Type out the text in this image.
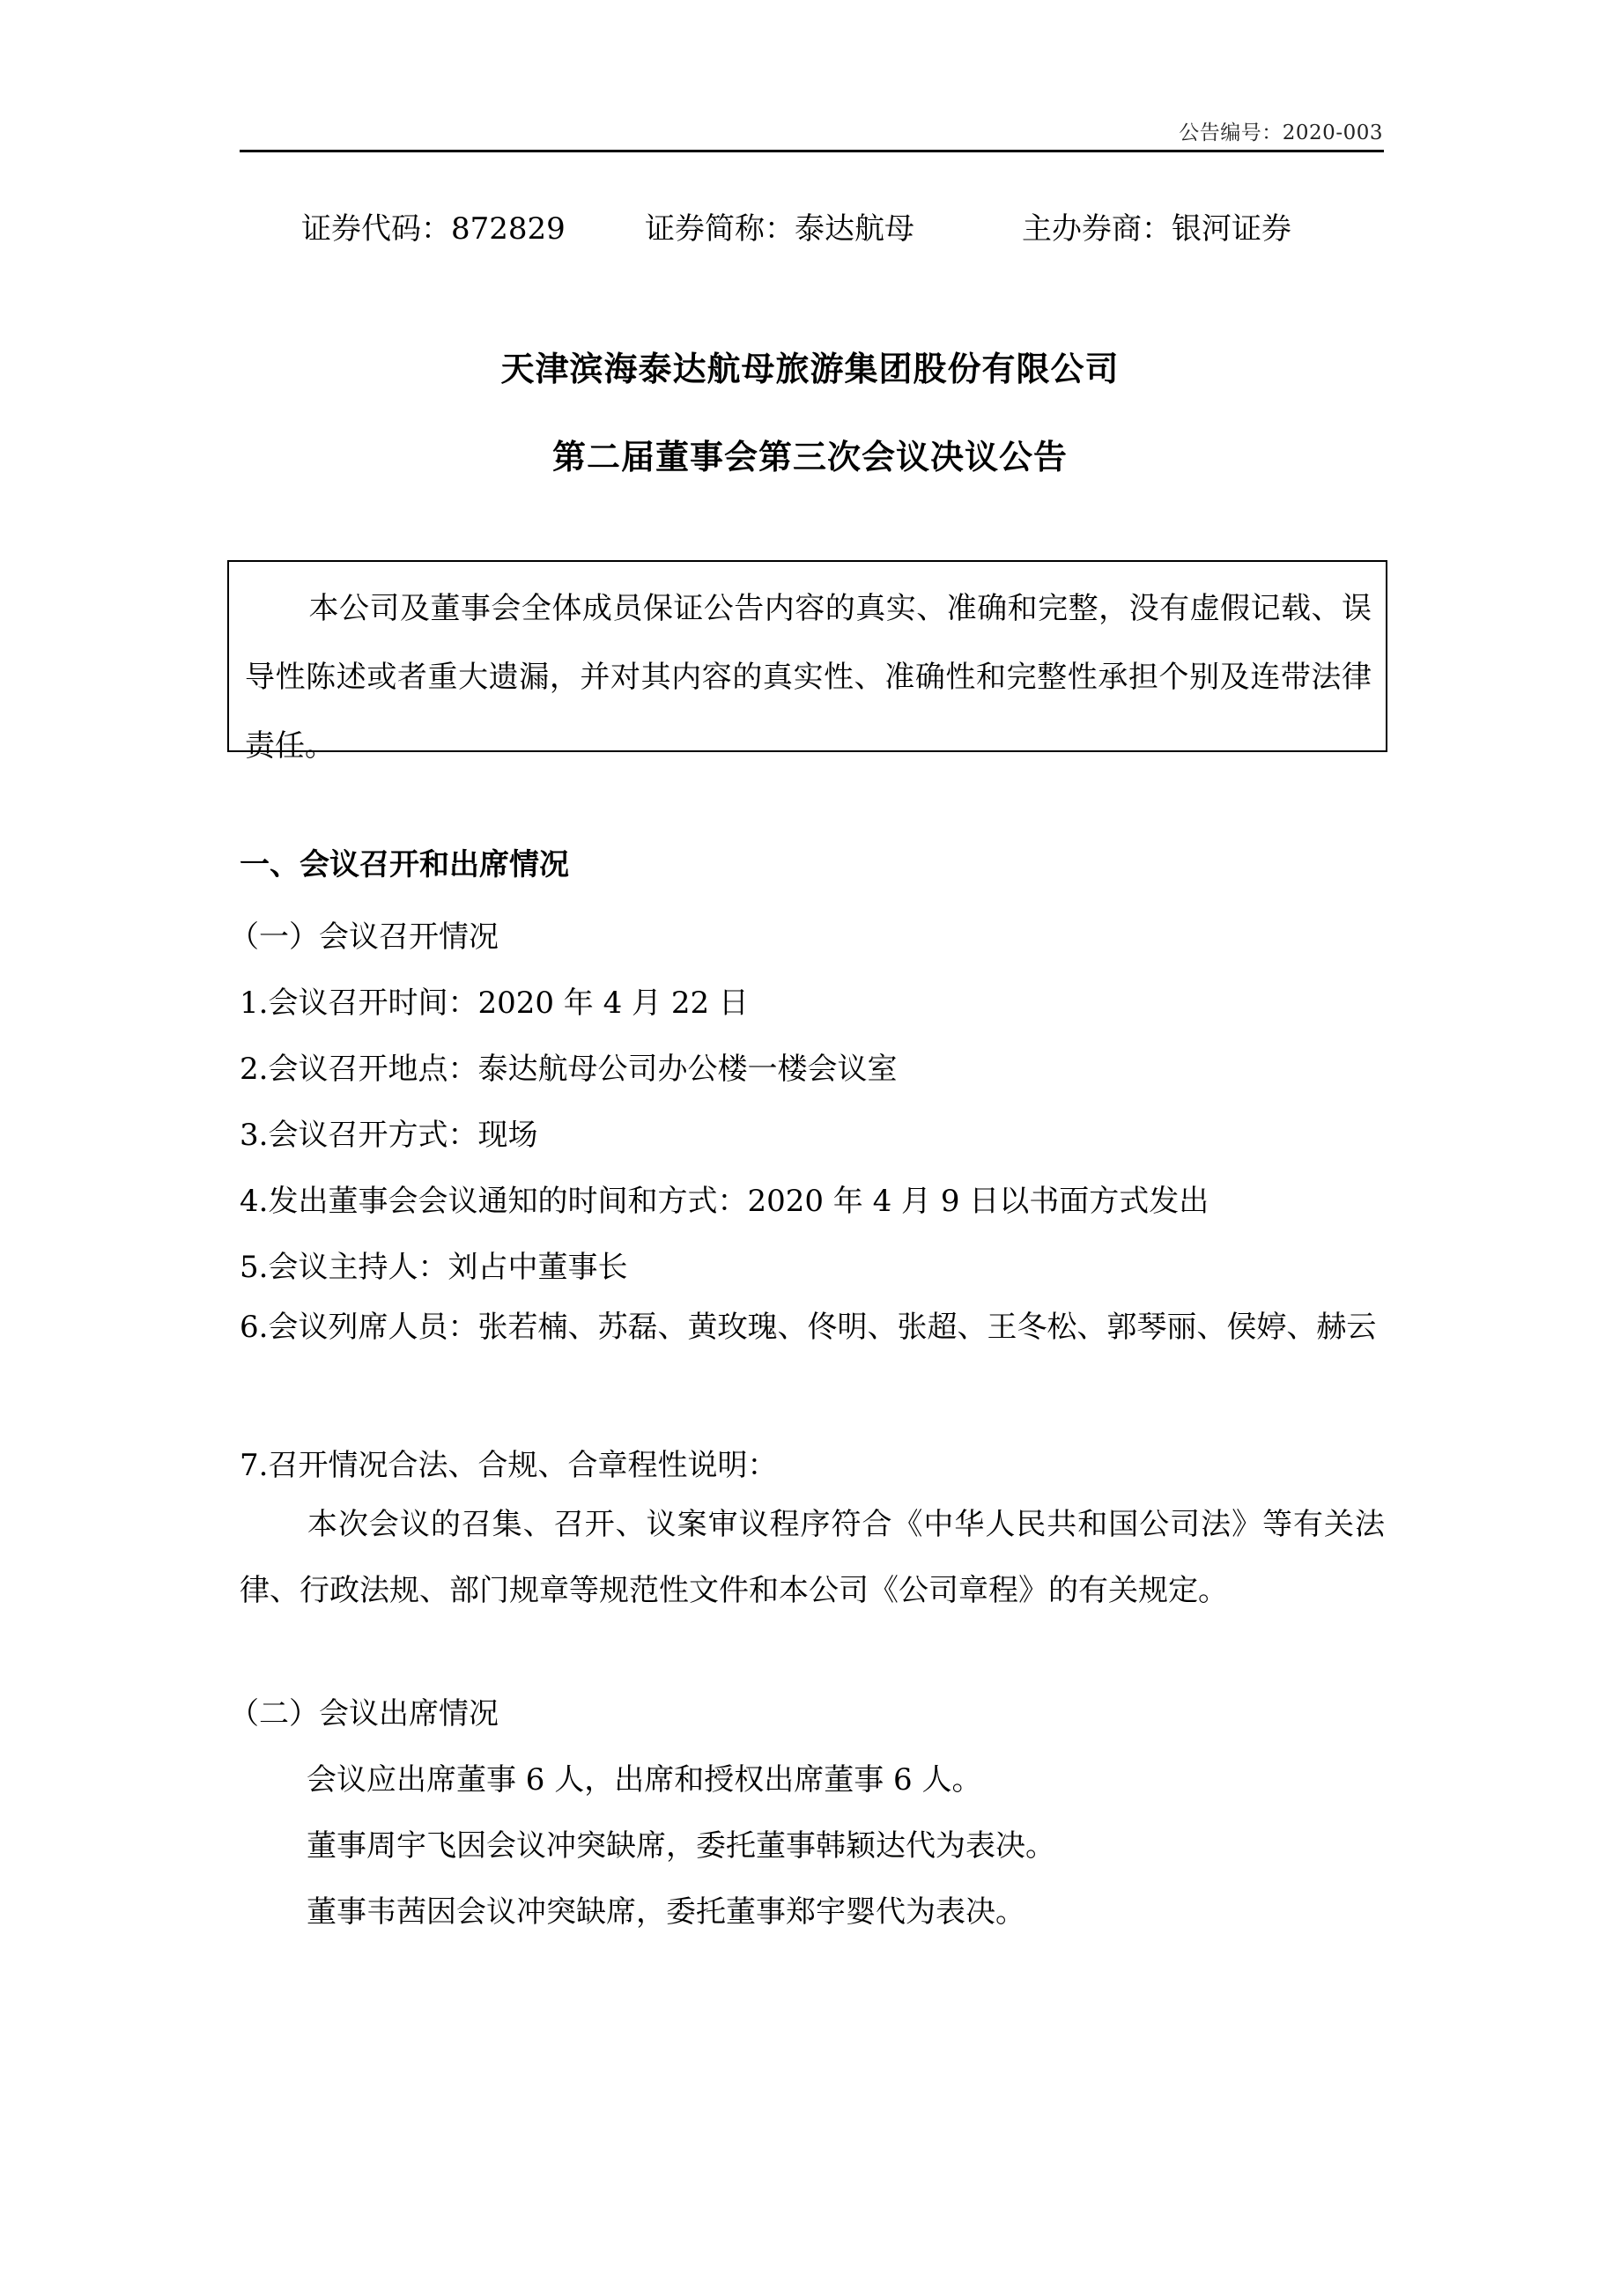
公告编号：2020-003
证券代码：872829	证券简称：泰达航母	主办券商：银河证券
天津滨海泰达航母旅游集团股份有限公司
第二届董事会第三次会议决议公告
本公司及董事会全体成员保证公告内容的真实、准确和完整，没有虚假记载、误导性陈述或者重大遗漏，并对其内容的真实性、准确性和完整性承担个别及连带法律责任。
一、会议召开和出席情况
（一）会议召开情况
1.会议召开时间：2020 年 4 月 22 日
2.会议召开地点：泰达航母公司办公楼一楼会议室
3.会议召开方式：现场
4.发出董事会会议通知的时间和方式：2020 年 4 月 9 日以书面方式发出
5.会议主持人：刘占中董事长
6.会议列席人员：张若楠、苏磊、黄玫瑰、佟明、张超、王冬松、郭琴丽、侯婷、赫云
7.召开情况合法、合规、合章程性说明：
本次会议的召集、召开、议案审议程序符合《中华人民共和国公司法》等有关法律、行政法规、部门规章等规范性文件和本公司《公司章程》的有关规定。
（二）会议出席情况
会议应出席董事 6 人，出席和授权出席董事 6 人。
董事周宇飞因会议冲突缺席，委托董事韩颖达代为表决。
董事韦茜因会议冲突缺席，委托董事郑宇婴代为表决。
